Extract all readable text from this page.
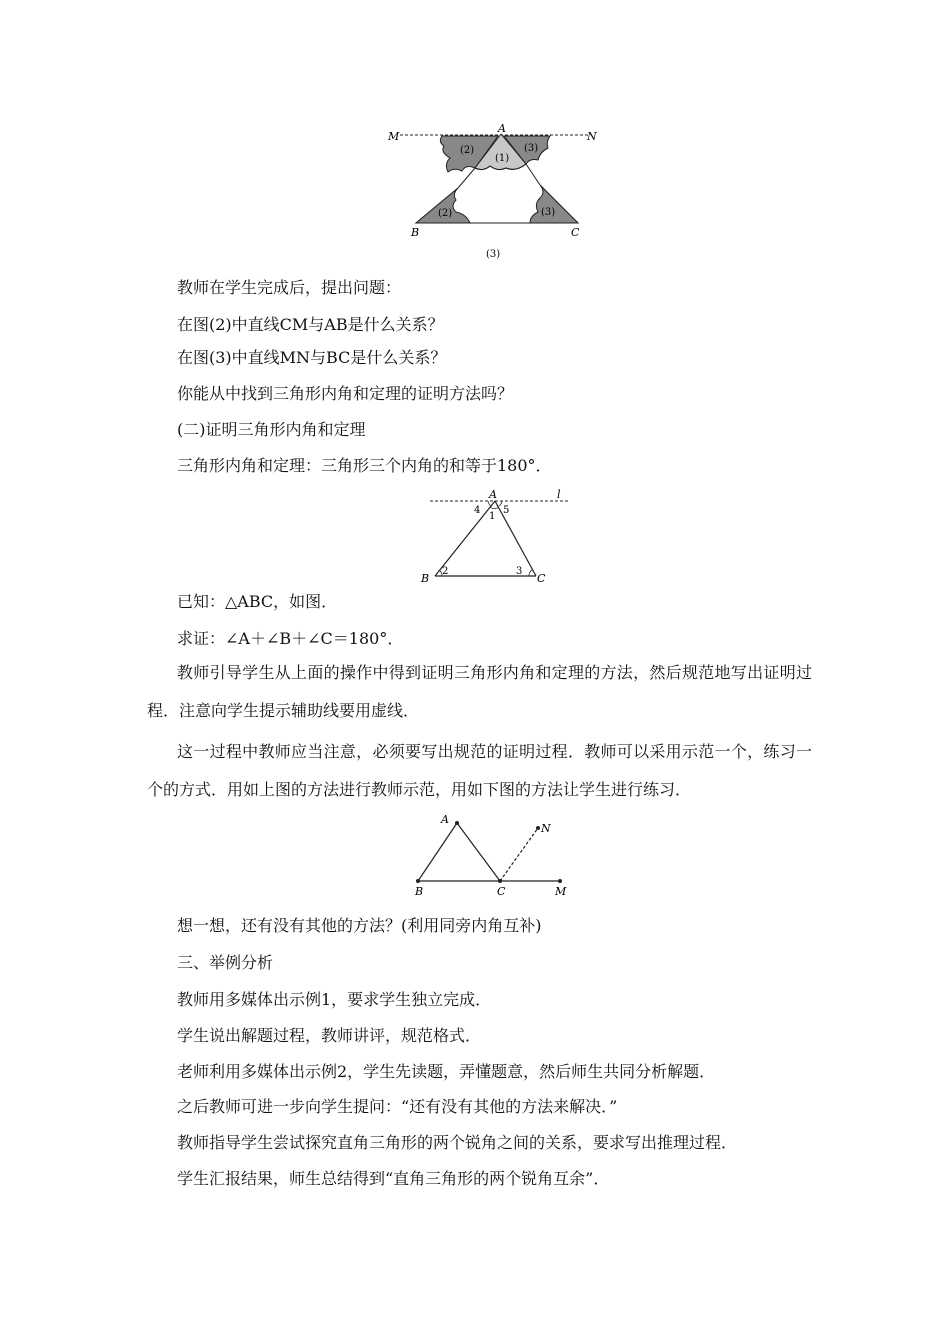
M
A
N
B	C
(2)
(1)
(3)
(2)	(3)
(3)
教师在学生完成后，提出问题：
在图(2)中直线CM与AB是什么关系？
在图(3)中直线MN与BC是什么关系？
你能从中找到三角形内角和定理的证明方法吗？
(二)证明三角形内角和定理
三角形内角和定理：三角形三个内角的和等于180°．
A	l
B	C
1
4 5
2	3
已知：△ABC，如图．
求证：∠A＋∠B＋∠C＝180°．
教师引导学生从上面的操作中得到证明三角形内角和定理的方法，然后规范地写出证明过程．注意向学生提示辅助线要用虚线．
这一过程中教师应当注意，必须要写出规范的证明过程．教师可以采用示范一个，练习一个的方式．用如上图的方法进行教师示范，用如下图的方法让学生进行练习．
A
N
B	C	M
想一想，还有没有其他的方法？(利用同旁内角互补)
三、举例分析
教师用多媒体出示例1，要求学生独立完成．
学生说出解题过程，教师讲评，规范格式．
老师利用多媒体出示例2，学生先读题，弄懂题意，然后师生共同分析解题．
之后教师可进一步向学生提问：“还有没有其他的方法来解决．”
教师指导学生尝试探究直角三角形的两个锐角之间的关系，要求写出推理过程．
学生汇报结果，师生总结得到“直角三角形的两个锐角互余”．
